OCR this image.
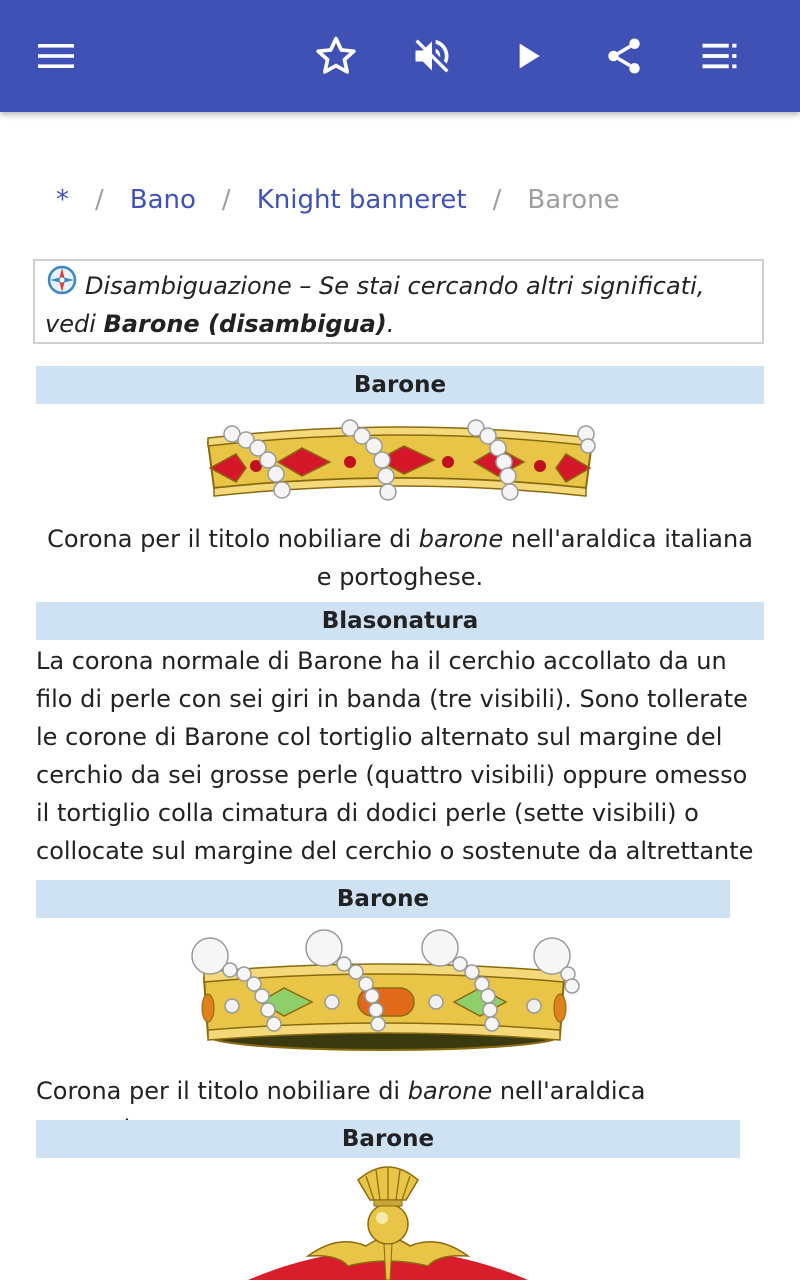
* / Bano / Knight banneret / Barone
Disambiguazione – Se stai cercando altri significati, vedi Barone (disambigua).
Barone
Corona per il titolo nobiliare di barone nell'araldica italiana e portoghese.
Blasonatura
La corona normale di Barone ha il cerchio accollato da un filo di perle con sei giri in banda (tre visibili). Sono tollerate le corone di Barone col tortiglio alternato sul margine del cerchio da sei grosse perle (quattro visibili) oppure omesso il tortiglio colla cimatura di dodici perle (sette visibili) o collocate sul margine del cerchio o sostenute da altrettante
Barone
Corona per il titolo nobiliare di barone nell'araldica
Barone
